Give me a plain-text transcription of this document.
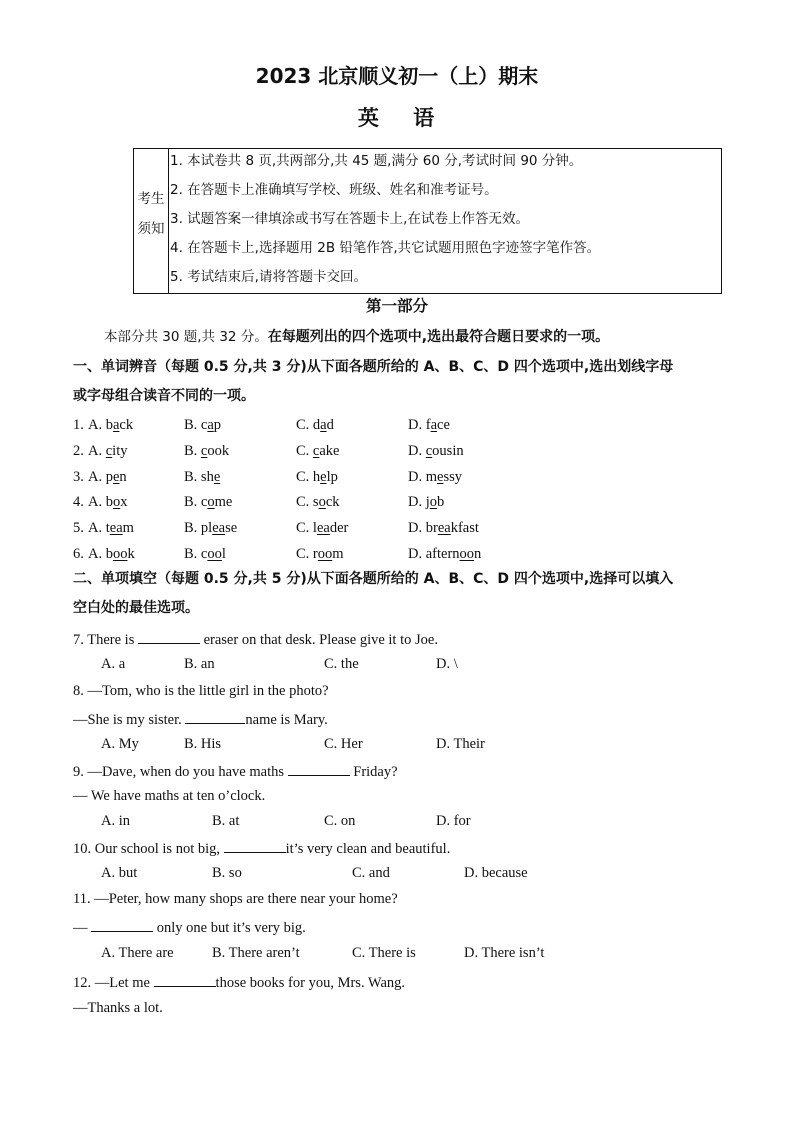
2023 北京顺义初一（上）期末
英　 语
考生
须知
1. 本试卷共 8 页,共两部分,共 45 题,满分 60 分,考试时间 90 分钟。
2. 在答题卡上准确填写学校、班级、姓名和准考证号。
3. 试题答案一律填涂或书写在答题卡上,在试卷上作答无效。
4. 在答题卡上,选择题用 2B 铅笔作答,共它试题用照色字迹签字笔作答。
5. 考试结束后,请将答题卡交回。
第一部分
本部分共 30 题,共 32 分。在每题列出的四个选项中,选出最符合题日要求的一项。
一、单词辨音（每题 0.5 分,共 3 分)从下面各题所给的 A、B、C、D 四个选项中,选出划线字母
或字母组合读音不同的一项。
1. A. back	B. cap	C. dad	D. face
2. A. city	B. cook	C. cake	D. cousin
3. A. pen	B. she	C. help	D. messy
4. A. box	B. come	C. sock	D. job
5. A. team	B. please	C. leader	D. breakfast
6. A. book	B. cool	C. room	D. afternoon
二、单项填空（每题 0.5 分,共 5 分)从下面各题所给的 A、B、C、D 四个选项中,选择可以填入
空白处的最佳选项。
7. There is	eraser on that desk. Please give it to Joe.
A. a	B. an	C. the	D. \
8. —Tom, who is the little girl in the photo?
—She is my sister.	name is Mary.
A. My	B. His	C. Her	D. Their
9. —Dave, when do you have maths	Friday?
— We have maths at ten o’clock.
A. in	B. at	C. on	D. for
10. Our school is not big,	it’s very clean and beautiful.
A. but	B. so	C. and	D. because
11. —Peter, how many shops are there near your home?
—	only one but it’s very big.
A. There are	B. There aren’t	C. There is	D. There isn’t
12. —Let me	those books for you, Mrs. Wang.
—Thanks a lot.
